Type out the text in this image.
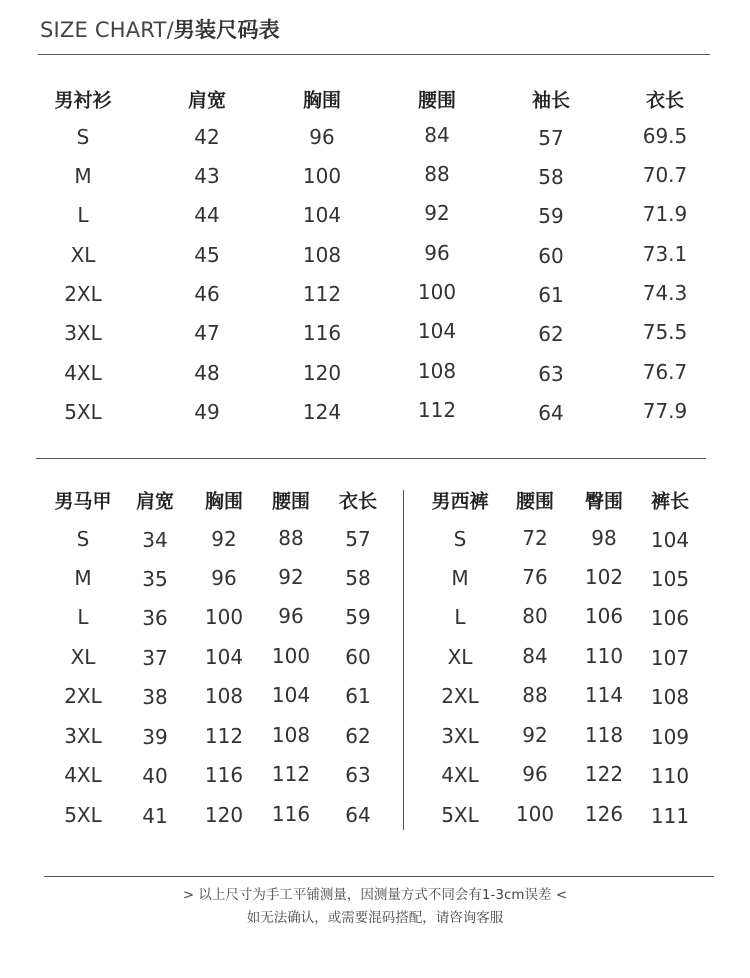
SIZE CHART/男装尺码表
男衬衫	肩宽	胸围	腰围	袖长	衣长
S	42	96	84	57	69.5
M	43	100	88	58	70.7
L	44	104	92	59	71.9
XL	45	108	96	60	73.1
2XL	46	112	100	61	74.3
3XL	47	116	104	62	75.5
4XL	48	120	108	63	76.7
5XL	49	124	112	64	77.9
男马甲 肩宽 胸围 腰围 衣长
S	34 92 88 57
M	35 96 92 58
L	36 100 96 59
XL 37 104 100 60
2XL 38 108 104 61
3XL 39 112 108 62
4XL 40 116 112 63
5XL 41 120 116 64
男西裤 腰围 臀围 裤长
S	72 98 104
M	76 102 105
L	80 106 106
XL 84 110 107
2XL 88 114 108
3XL 92 118 109
4XL 96 122 110
5XL 100 126 111
> 以上尺寸为手工平铺测量，因测量方式不同会有1-3cm误差 <
如无法确认，或需要混码搭配，请咨询客服
